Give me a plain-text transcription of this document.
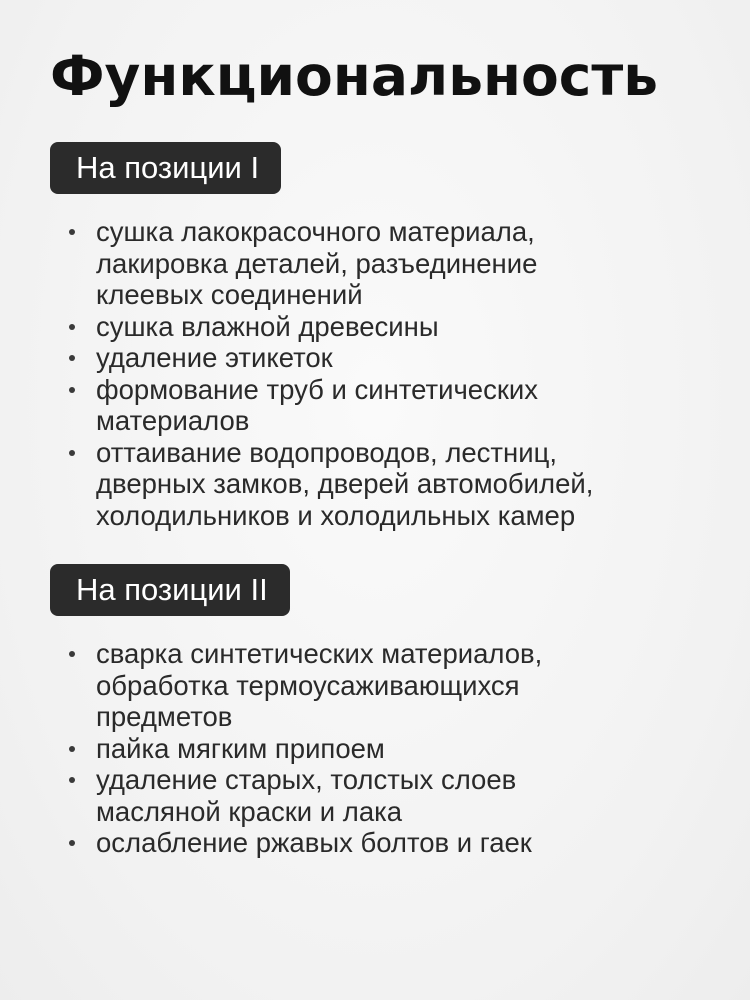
Функциональность
На позиции I
сушка лакокрасочного материала,
лакировка деталей, разъединение
клеевых соединений
сушка влажной древесины
удаление этикеток
формование труб и синтетических
материалов
оттаивание водопроводов, лестниц,
дверных замков, дверей автомобилей,
холодильников и холодильных камер
На позиции II
сварка синтетических материалов,
обработка термоусаживающихся
предметов
пайка мягким припоем
удаление старых, толстых слоев
масляной краски и лака
ослабление ржавых болтов и гаек
